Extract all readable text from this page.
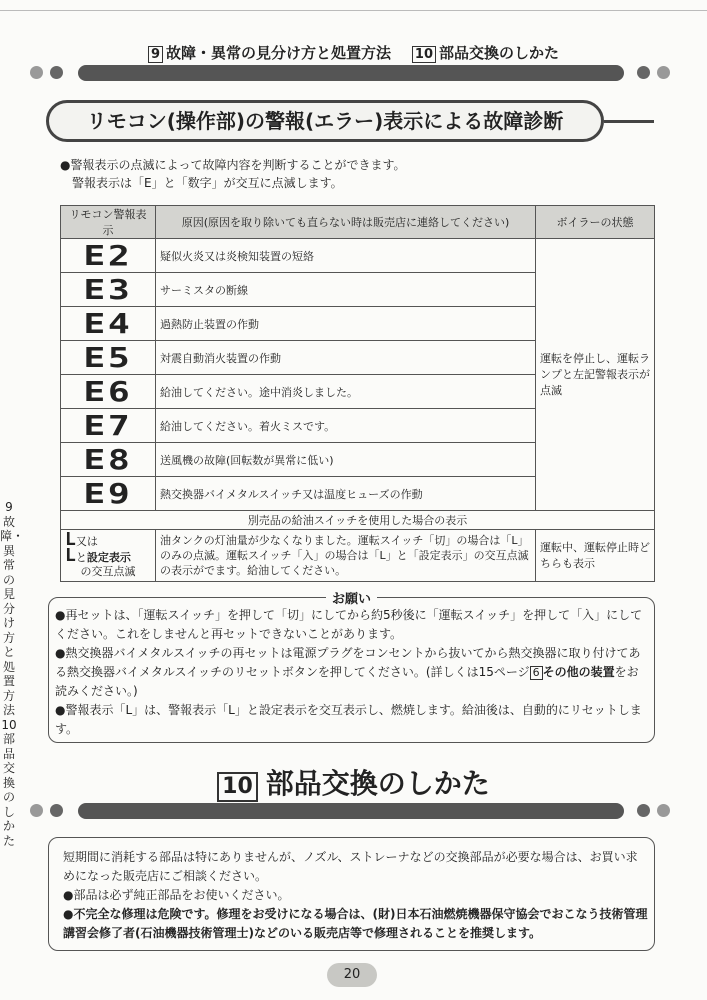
9 故障・異常の見分け方と処置方法 10 部品交換のしかた
リモコン(操作部)の警報(エラー)表示による故障診断
●警報表示の点滅によって故障内容を判断することができます。
警報表示は「E」と「数字」が交互に点滅します。
リモコン警報表示	原因(原因を取り除いても直らない時は販売店に連絡してください)	ボイラーの状態
E2	疑似火炎又は炎検知装置の短絡	運転を停止し、運転ランプと左記警報表示が点滅
E3	サーミスタの断線	
E4	過熱防止装置の作動	
E5	対震自動消火装置の作動	
E6	給油してください。途中消炎しました。	
E7	給油してください。着火ミスです。	
E8	送風機の故障(回転数が異常に低い)	
E9	熱交換器バイメタルスイッチ又は温度ヒューズの作動	
別売品の給油スイッチを使用した場合の表示		

L又は
Lと設定表示
の交互点滅	油タンクの灯油量が少なくなりました。運転スイッチ「切」の場合は「L」のみの点滅。運転スイッチ「入」の場合は「L」と「設定表示」の交互点滅の表示がでます。給油してください。	運転中、運転停止時どちらも表示
9故障・異常の見分け方と処置方法 10部品交換のしかた
お願い
●再セットは、「運転スイッチ」を押して「切」にしてから約5秒後に「運転スイッチ」を押して「入」にしてください。これをしませんと再セットできないことがあります。
●熱交換器バイメタルスイッチの再セットは電源プラグをコンセントから抜いてから熱交換器に取り付けてある熱交換器バイメタルスイッチのリセットボタンを押してください。(詳しくは15ページ 6 その他の装置をお読みください。)
●警報表示「L」は、警報表示「L」と設定表示を交互表示し、燃焼します。給油後は、自動的にリセットします。
10 部品交換のしかた
短期間に消耗する部品は特にありませんが、ノズル、ストレーナなどの交換部品が必要な場合は、お買い求めになった販売店にご相談ください。
●部品は必ず純正部品をお使いください。
●不完全な修理は危険です。修理をお受けになる場合は、(財)日本石油燃焼機器保守協会でおこなう技術管理講習会修了者(石油機器技術管理士)などのいる販売店等で修理されることを推奨します。
20
